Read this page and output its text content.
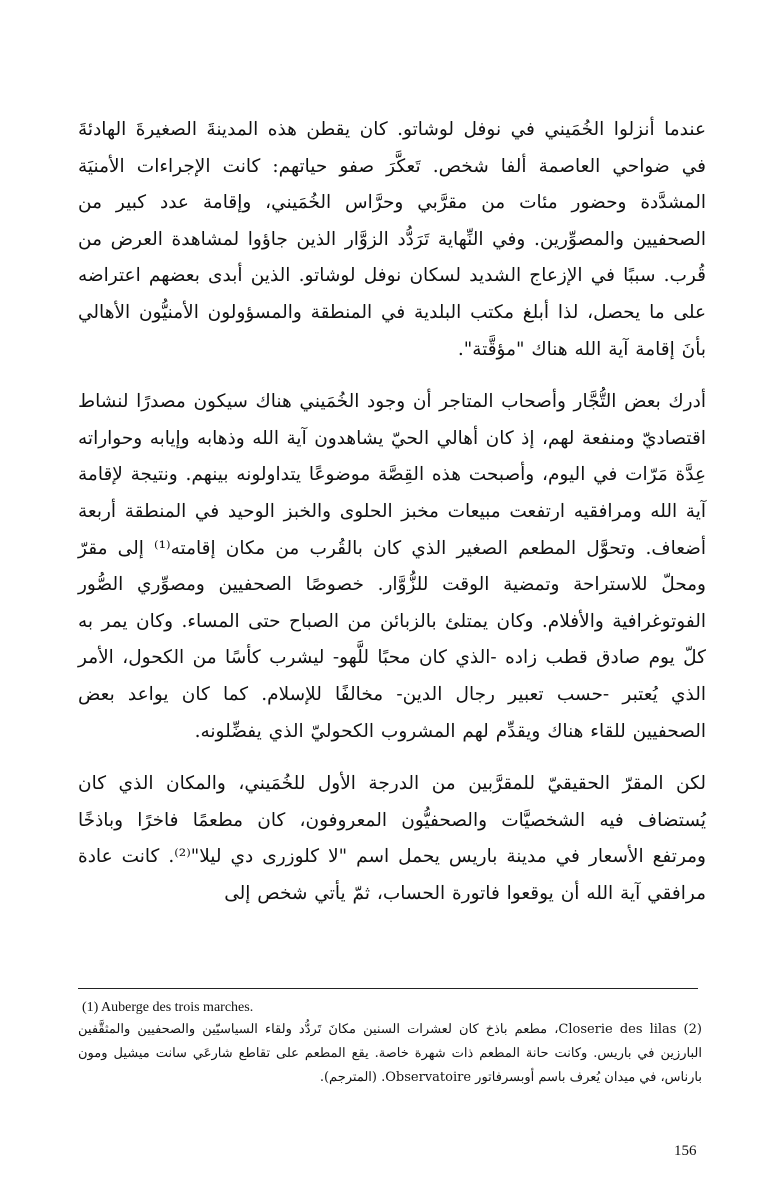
عندما أنزلوا الخُمَيني في نوفل لوشاتو. كان يقطن هذه المدينةَ الصغيرةَ الهادئةَ في ضواحي العاصمة ألفا شخص. تَعكَّرَ صفو حياتهم: كانت الإجراءات الأمنيَة المشدَّدة وحضور مئات من مقرَّبي وحرَّاس الخُمَيني، وإقامة عدد كبير من الصحفيين والمصوِّرين. وفي النِّهاية تَرَدُّد الزوَّار الذين جاؤوا لمشاهدة العرض من قُرب. سببًا في الإزعاج الشديد لسكان نوفل لوشاتو. الذين أبدى بعضهم اعتراضه على ما يحصل، لذا أبلغ مكتب البلدية في المنطقة والمسؤولون الأمنيُّون الأهالي بأنَ إقامة آية الله هناك "مؤقَّتة".

أدرك بعض التُّجَّار وأصحاب المتاجر أن وجود الخُمَيني هناك سيكون مصدرًا لنشاط اقتصاديّ ومنفعة لهم، إذ كان أهالي الحيّ يشاهدون آية الله وذهابه وإيابه وحواراته عِدَّة مَرّات في اليوم، وأصبحت هذه القِصَّة موضوعًا يتداولونه بينهم. ونتيجة لإقامة آية الله ومرافقيه ارتفعت مبيعات مخبز الحلوى والخبز الوحيد في المنطقة أربعة أضعاف. وتحوَّل المطعم الصغير الذي كان بالقُرب من مكان إقامته⁽¹⁾ إلى مقرّ ومحلّ للاستراحة وتمضية الوقت للزُّوَّار. خصوصًا الصحفيين ومصوِّري الصُّور الفوتوغرافية والأفلام. وكان يمتلئ بالزبائن من الصباح حتى المساء. وكان يمر به كلّ يوم صادق قطب زاده -الذي كان محبًا للَّهو- ليشرب كأسًا من الكحول، الأمر الذي يُعتبر -حسب تعبير رجال الدين- مخالفًا للإسلام. كما كان يواعد بعض الصحفيين للقاء هناك ويقدِّم لهم المشروب الكحوليّ الذي يفضِّلونه.

لكن المقرّ الحقيقيّ للمقرَّبين من الدرجة الأول للخُمَيني، والمكان الذي كان يُستضاف فيه الشخصيَّات والصحفيُّون المعروفون، كان مطعمًا فاخرًا وباذخًا ومرتفع الأسعار في مدينة باريس يحمل اسم "لا كلوزرى دي ليلا"⁽²⁾. كانت عادة مرافقي آية الله أن يوقعوا فاتورة الحساب، ثمّ يأتي شخص إلى

(1) Auberge des trois marches.

(2) Closerie des lilas، مطعم باذخ كان لعشرات السنين مكانَ تَردُّد ولقاء السياسيّين والصحفيين والمثقَّفين البارزين في باريس. وكانت حانة المطعم ذات شهرة خاصة. يقع المطعم على تقاطع شارعَي سانت ميشيل ومون بارناس، في ميدان يُعرف باسم أوبسرفاتور Observatoire. (المترجم).

156
